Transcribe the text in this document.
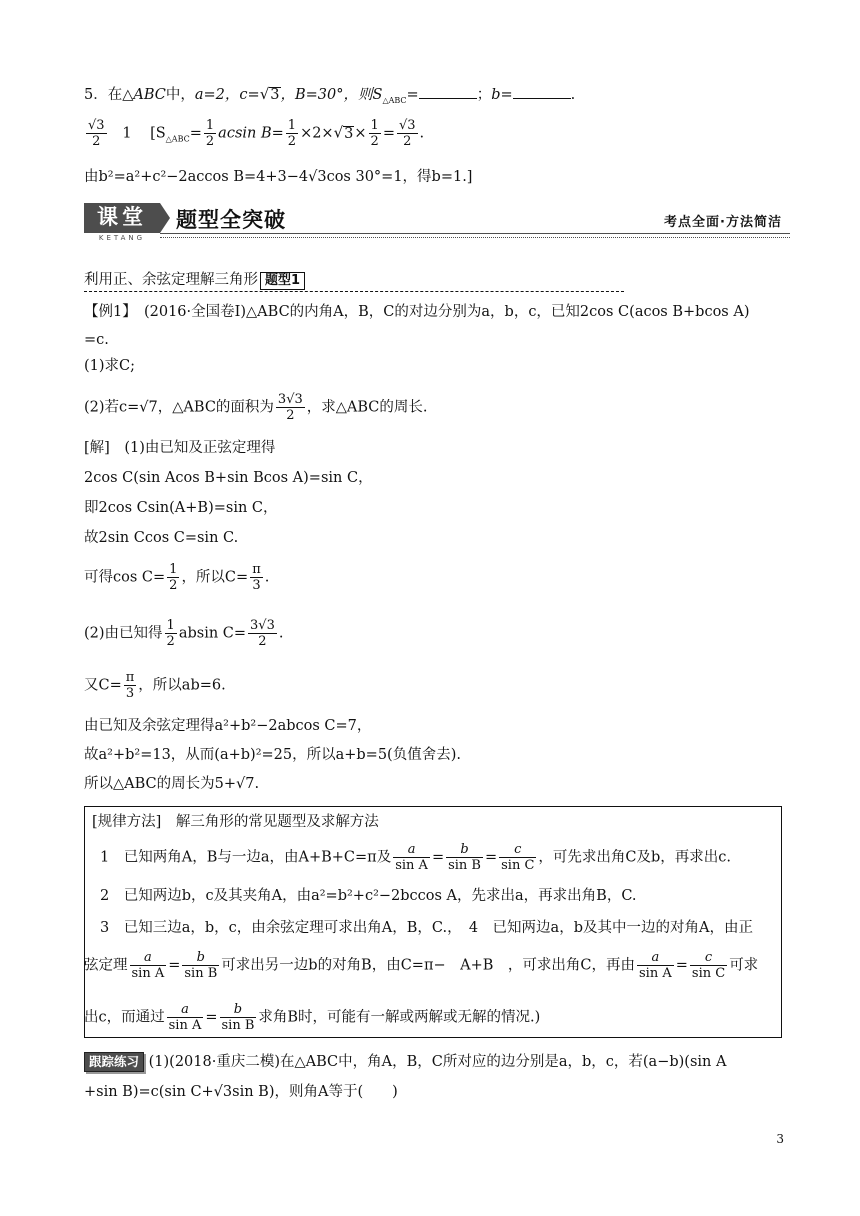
5．在△ABC中，a=2，c=√3，B=30°，则$S_{\triangle ABC}=$	；b=	.
$\frac{√3}{2} 1$ [$S_{\triangle ABC}= \frac{1}{2}$ acsin $B= \frac{1}{2} \times 2\times√3\times \frac{1}{2} = \frac{√3}{2}$ .
由b²=a²+c²−2accos B=4+3−4√3cos 30°=1，得b=1.]
课堂
KETANG
题型全突破	考点全面·方法简洁
利用正、余弦定理解三角形 题型1
【例1】　(2016·全国卷Ⅰ)△ABC的内角A，B，C的对边分别为a，b，c，已知2cos C(acos B+bcos A)
=c.
(1)求C;
(2)若c=√7，△ABC的面积为 $\frac{3√3}{2}$ ，求△ABC的周长.
[解]　(1)由已知及正弦定理得
2cos C(sin Acos B+sin Bcos A)=sin C，
即2cos Csin(A+B)=sin C，
故2sin Ccos C=sin C.
可得$\cos C= \frac{1}{2}$ ，所以$C= \frac{\pi}{3}$ .
(2)由已知得 $\frac{1}{2}$ absin $C= \frac{3√3}{2}$ .
又$C= \frac{\pi}{3}$ ，所以ab=6.
由已知及余弦定理得a²+b²−2abcos C=7，
故a²+b²=13，从而(a+b)²=25，所以a+b=5(负值舍去).
所以△ABC的周长为5+√7.
[规律方法]　解三角形的常见题型及求解方法
1　已知两角A，B与一边a，由A+B+C=π及 $\frac{a}{\text{sin A}} = \frac{b}{\text{sin B}} = \frac{c}{\text{sin C}}$ ，可先求出角C及b，再求出c.
2　已知两边b，c及其夹角A，由a²=b²+c²−2bccos A，先求出a，再求出角B，C.
3　已知三边a，b，c，由余弦定理可求出角A，B，C.，　4　已知两边a，b及其中一边的对角A，由正
弦定理 $\frac{a}{\text{sin A}} = \frac{b}{\text{sin B}}$ 可求出另一边b的对角B，由C=π−　A+B　，可求出角C，再由 $\frac{a}{\text{sin A}} = \frac{c}{\text{sin C}}$ 可求
出c，而通过 $\frac{a}{\text{sin A}} = \frac{b}{\text{sin B}}$ 求角B时，可能有一解或两解或无解的情况.)
跟踪练习 (1)(2018·重庆二模)在△ABC中，角A，B，C所对应的边分别是a，b，c，若(a−b)(sin A
+sin B)=c(sin C+√3sin B)，则角A等于(　　)
3
